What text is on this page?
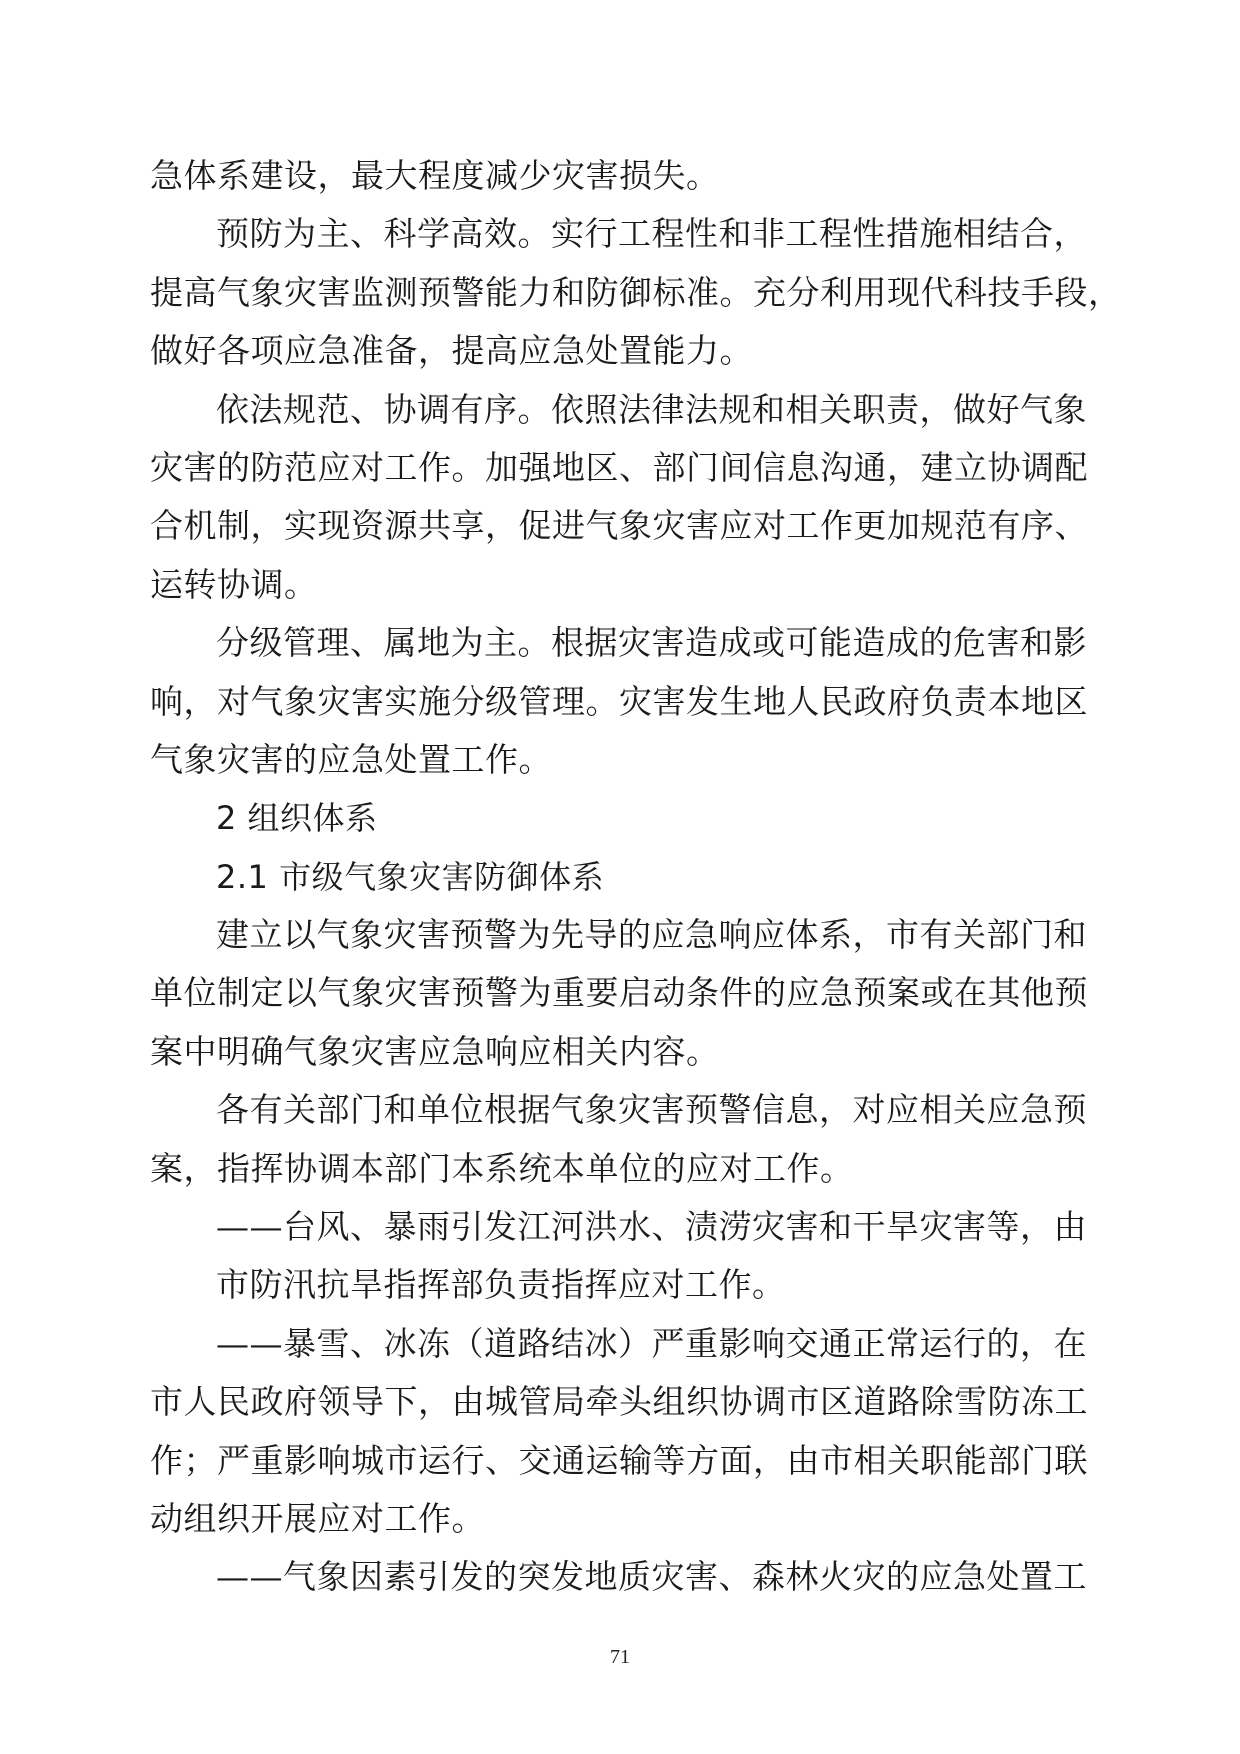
急体系建设，最大程度减少灾害损失。
预防为主、科学高效。实行工程性和非工程性措施相结合，
提高气象灾害监测预警能力和防御标准。充分利用现代科技手段，
做好各项应急准备，提高应急处置能力。
依法规范、协调有序。依照法律法规和相关职责，做好气象
灾害的防范应对工作。加强地区、部门间信息沟通，建立协调配
合机制，实现资源共享，促进气象灾害应对工作更加规范有序、
运转协调。
分级管理、属地为主。根据灾害造成或可能造成的危害和影
响，对气象灾害实施分级管理。灾害发生地人民政府负责本地区
气象灾害的应急处置工作。
2 组织体系
2.1 市级气象灾害防御体系
建立以气象灾害预警为先导的应急响应体系，市有关部门和
单位制定以气象灾害预警为重要启动条件的应急预案或在其他预
案中明确气象灾害应急响应相关内容。
各有关部门和单位根据气象灾害预警信息，对应相关应急预
案，指挥协调本部门本系统本单位的应对工作。
——台风、暴雨引发江河洪水、渍涝灾害和干旱灾害等，由
市防汛抗旱指挥部负责指挥应对工作。
——暴雪、冰冻（道路结冰）严重影响交通正常运行的，在
市人民政府领导下，由城管局牵头组织协调市区道路除雪防冻工
作；严重影响城市运行、交通运输等方面，由市相关职能部门联
动组织开展应对工作。
——气象因素引发的突发地质灾害、森林火灾的应急处置工
71
